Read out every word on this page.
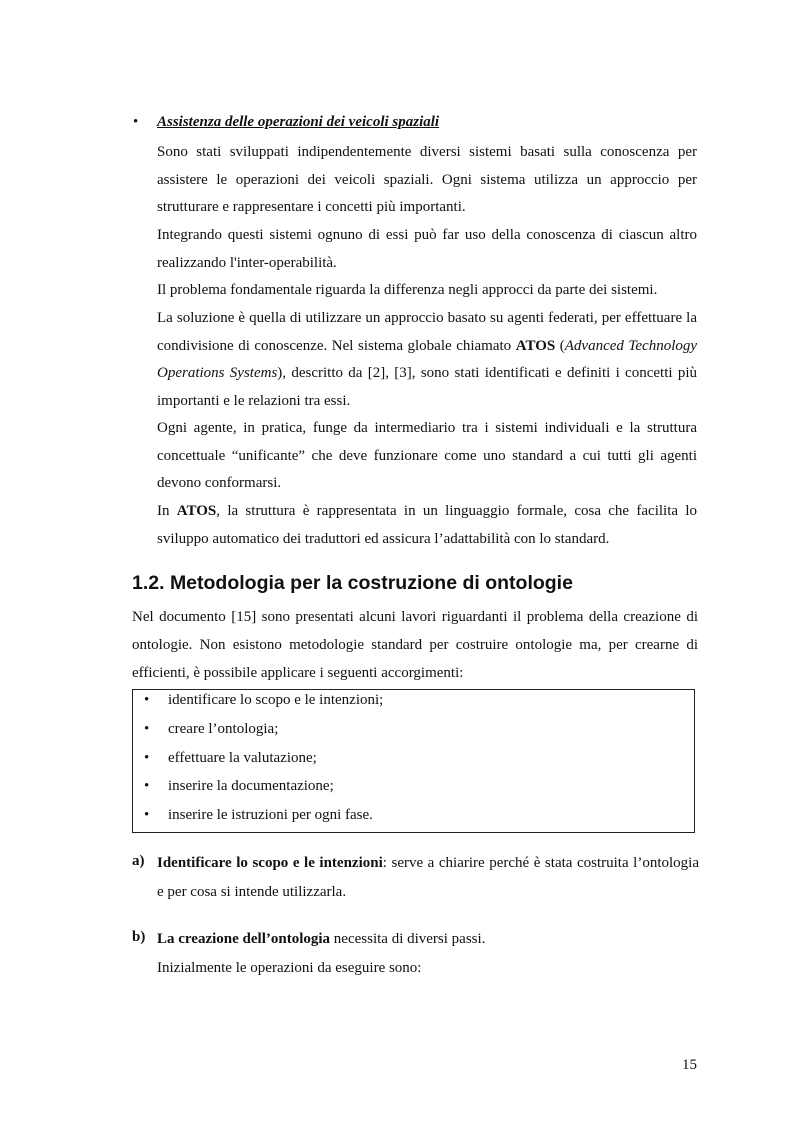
• Assistenza delle operazioni dei veicoli spaziali

Sono stati sviluppati indipendentemente diversi sistemi basati sulla conoscenza per assistere le operazioni dei veicoli spaziali. Ogni sistema utilizza un approccio per strutturare e rappresentare i concetti più importanti.

Integrando questi sistemi ognuno di essi può far uso della conoscenza di ciascun altro realizzando l'inter-operabilità.

Il problema fondamentale riguarda la differenza negli approcci da parte dei sistemi.

La soluzione è quella di utilizzare un approccio basato su agenti federati, per effettuare la condivisione di conoscenze. Nel sistema globale chiamato ATOS (Advanced Technology Operations Systems), descritto da [2], [3], sono stati identificati e definiti i concetti più importanti e le relazioni tra essi.

Ogni agente, in pratica, funge da intermediario tra i sistemi individuali e la struttura concettuale “unificante” che deve funzionare come uno standard a cui tutti gli agenti devono conformarsi.

In ATOS, la struttura è rappresentata in un linguaggio formale, cosa che facilita lo sviluppo automatico dei traduttori ed assicura l’adattabilità con lo standard.

1.2. Metodologia per la costruzione di ontologie

Nel documento [15] sono presentati alcuni lavori riguardanti il problema della creazione di ontologie. Non esistono metodologie standard per costruire ontologie ma, per crearne di efficienti, è possibile applicare i seguenti accorgimenti:

• identificare lo scopo e le intenzioni;
• creare l’ontologia;
• effettuare la valutazione;
• inserire la documentazione;
• inserire le istruzioni per ogni fase.
a) Identificare lo scopo e le intenzioni: serve a chiarire perché è stata costruita l’ontologia e per cosa si intende utilizzarla.

b) La creazione dell’ontologia necessita di diversi passi.
Inizialmente le operazioni da eseguire sono:

15
